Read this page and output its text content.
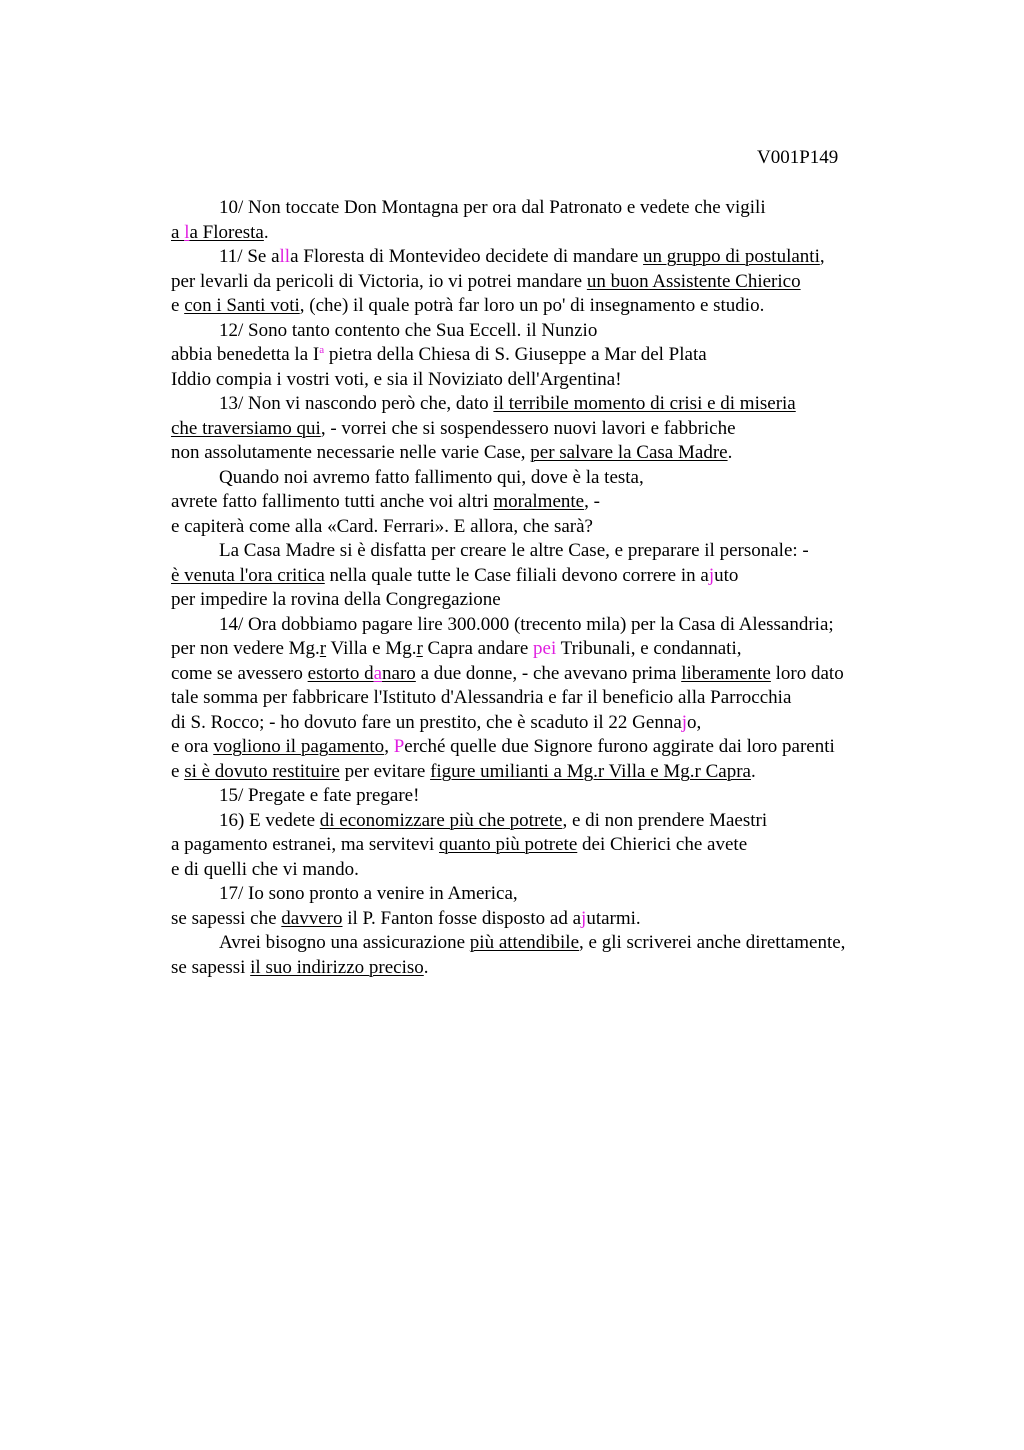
V001P149
10/ Non toccate Don Montagna per ora dal Patronato e vedete che vigili
a la Floresta.
11/ Se alla Floresta di Montevideo decidete di mandare un gruppo di postulanti,
per levarli da pericoli di Victoria, io vi potrei mandare un buon Assistente Chierico
e con i Santi voti, (che) il quale potrà far loro un po' di insegnamento e studio.
12/ Sono tanto contento che Sua Eccell. il Nunzio
abbia benedetta la $I^a$ pietra della Chiesa di S. Giuseppe a Mar del Plata
Iddio compia i vostri voti, e sia il Noviziato dell'Argentina!
13/ Non vi nascondo però che, dato il terribile momento di crisi e di miseria
che traversiamo qui, - vorrei che si sospendessero nuovi lavori e fabbriche
non assolutamente necessarie nelle varie Case, per salvare la Casa Madre.
Quando noi avremo fatto fallimento qui, dove è la testa,
avrete fatto fallimento tutti anche voi altri moralmente, -
e capiterà come alla «Card. Ferrari». E allora, che sarà?
La Casa Madre si è disfatta per creare le altre Case, e preparare il personale: -
è venuta l'ora critica nella quale tutte le Case filiali devono correre in ajuto
per impedire la rovina della Congregazione
14/ Ora dobbiamo pagare lire 300.000 (trecento mila) per la Casa di Alessandria;
per non vedere Mg.r Villa e Mg.r Capra andare pei Tribunali, e condannati,
come se avessero estorto danaro a due donne, - che avevano prima liberamente loro dato
tale somma per fabbricare l'Istituto d'Alessandria e far il beneficio alla Parrocchia
di S. Rocco; - ho dovuto fare un prestito, che è scaduto il 22 Gennajo,
e ora vogliono il pagamento, Perché quelle due Signore furono aggirate dai loro parenti
e si è dovuto restituire per evitare figure umilianti a Mg.r Villa e Mg.r Capra.
15/ Pregate e fate pregare!
16) E vedete di economizzare più che potrete, e di non prendere Maestri
a pagamento estranei, ma servitevi quanto più potrete dei Chierici che avete
e di quelli che vi mando.
17/ Io sono pronto a venire in America,
se sapessi che davvero il P. Fanton fosse disposto ad ajutarmi.
Avrei bisogno una assicurazione più attendibile, e gli scriverei anche direttamente,
se sapessi il suo indirizzo preciso.
